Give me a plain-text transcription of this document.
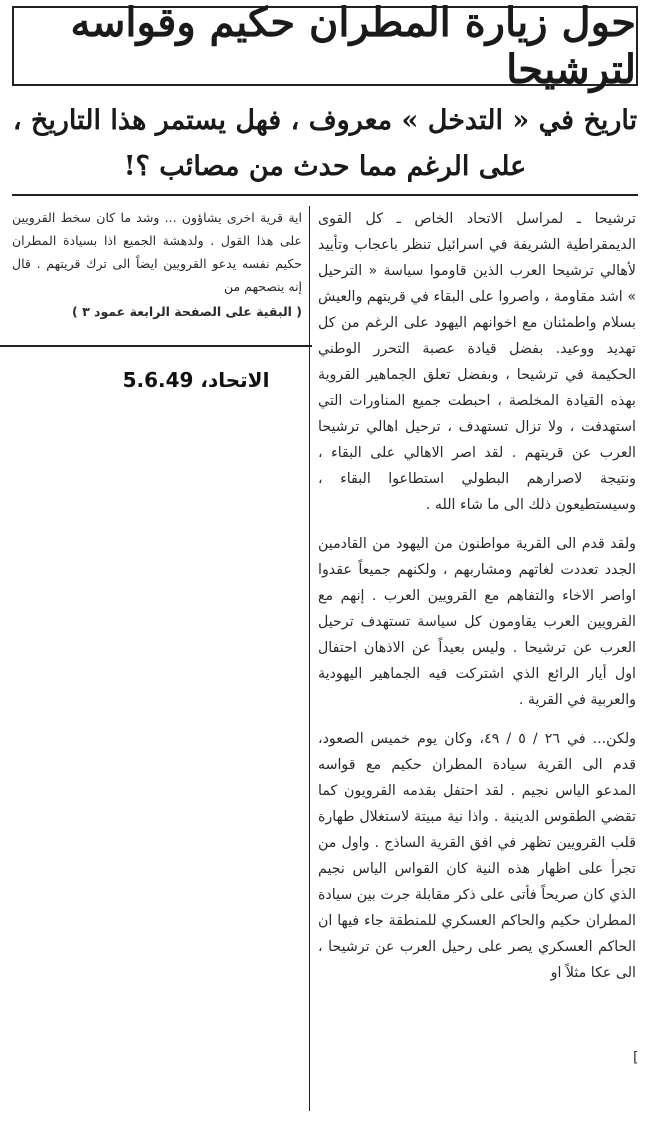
حول زيارة المطران حكيم وقواسه لترشيحا
تاريخ في « التدخل » معروف ، فهل يستمر هذا التاريخ ،
على الرغم مما حدث من مصائب ؟!

ترشيحا ـ لمراسل الاتحاد الخاص ـ كل القوى الديمقراطية الشريفة في اسرائيل تنظر باعجاب وتأييد لأهالي ترشيحا العرب الذين قاوموا سياسة « الترحيل » اشد مقاومة ، واصروا على البقاء في قريتهم والعيش بسلام واطمئنان مع اخوانهم اليهود على الرغم من كل تهديد ووعيد. بفضل قيادة عصبة التحرر الوطني الحكيمة في ترشيحا ، وبفضل تعلق الجماهير القروية بهذه القيادة المخلصة ، احبطت جميع المناورات التي استهدفت ، ولا تزال تستهدف ، ترحيل اهالي ترشيحا العرب عن قريتهم . لقد اصر الاهالي على البقاء ، ونتيجة لاصرارهم البطولي استطاعوا البقاء ، وسيستطيعون ذلك الى ما شاء الله .

ولقد قدم الى القرية مواطنون من اليهود من القادمين الجدد تعددت لغاتهم ومشاربهم ، ولكنهم جميعاً عقدوا اواصر الاخاء والتفاهم مع القرويين العرب . إنهم مع القرويين العرب يقاومون كل سياسة تستهدف ترحيل العرب عن ترشيحا . وليس بعيداً عن الاذهان احتفال اول أيار الرائع الذي اشتركت فيه الجماهير اليهودية والعربية في القرية .

ولكن... في ٢٦ / ٥ / ٤٩، وكان يوم خميس الصعود، قدم الى القرية سيادة المطران حكيم مع قواسه المدعو الياس نجيم . لقد احتفل بقدمه القرويون كما تقضي الطقوس الدينية . واذا نية مبيتة لاستغلال طهارة قلب القرويين تظهر في افق القرية الساذج . واول من تجرأ على اظهار هذه النية كان القواس الياس نجيم الذي كان صريحاً فأتى على ذكر مقابلة جرت بين سيادة المطران حكيم والحاكم العسكري للمنطقة جاء فيها ان الحاكم العسكري يصر على رحيل العرب عن ترشيحا ، الى عكا مثلاً او

اية قرية اخرى يشاؤون ... وشد ما كان سخط القرويين على هذا القول . ولدهشة الجميع اذا بسيادة المطران حكيم نفسه يدعو القرويين ايضاً الى ترك قريتهم . قال إنه ينصحهم من

( البقية على الصفحة الرابعة عمود ٣ )

الاتحاد، 5.6.49
[
